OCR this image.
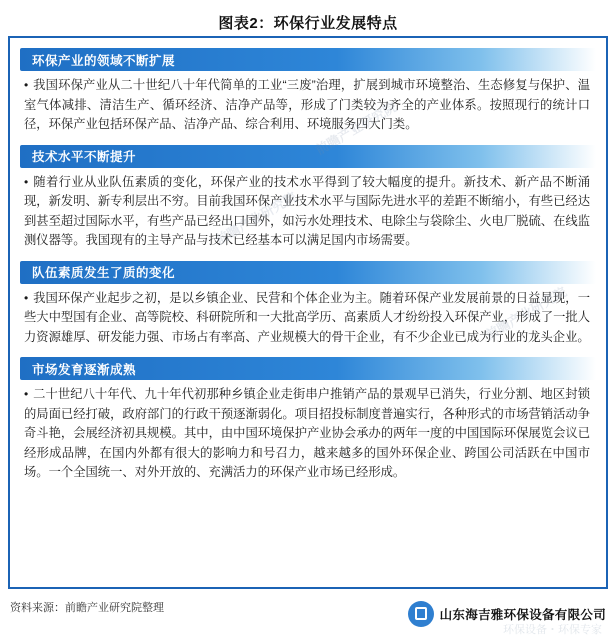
图表2：环保行业发展特点
环保产业的领域不断扩展
• 我国环保产业从二十世纪八十年代简单的工业“三废”治理，扩展到城市环境整治、生态修复与保护、温室气体减排、清洁生产、循环经济、洁净产品等，形成了门类较为齐全的产业体系。按照现行的统计口径，环保产业包括环保产品、洁净产品、综合利用、环境服务四大门类。
技术水平不断提升
• 随着行业从业队伍素质的变化，环保产业的技术水平得到了较大幅度的提升。新技术、新产品不断涌现，新发明、新专利层出不穷。目前我国环保产业技术水平与国际先进水平的差距不断缩小，有些已经达到甚至超过国际水平，有些产品已经出口国外，如污水处理技术、电除尘与袋除尘、火电厂脱硫、在线监测仪器等。我国现有的主导产品与技术已经基本可以满足国内市场需要。
队伍素质发生了质的变化
• 我国环保产业起步之初，是以乡镇企业、民营和个体企业为主。随着环保产业发展前景的日益显现，一些大中型国有企业、高等院校、科研院所和一大批高学历、高素质人才纷纷投入环保产业，形成了一批人力资源雄厚、研发能力强、市场占有率高、产业规模大的骨干企业，有不少企业已成为行业的龙头企业。
市场发育逐渐成熟
• 二十世纪八十年代、九十年代初那种乡镇企业走街串户推销产品的景观早已消失，行业分割、地区封锁的局面已经打破，政府部门的行政干预逐渐弱化。项目招投标制度普遍实行，各种形式的市场营销活动争奇斗艳，会展经济初具规模。其中，由中国环境保护产业协会承办的两年一度的中国国际环保展览会议已经形成品牌，在国内外都有很大的影响力和号召力，越来越多的国外环保企业、跨国公司活跃在中国市场。一个全国统一、对外开放的、充满活力的环保产业市场已经形成。
前瞻产业研究院
前瞻产业研究院
前瞻产业研究院
资料来源：前瞻产业研究院整理	山东海吉雅环保设备有限公司
环保设备・环保专家
